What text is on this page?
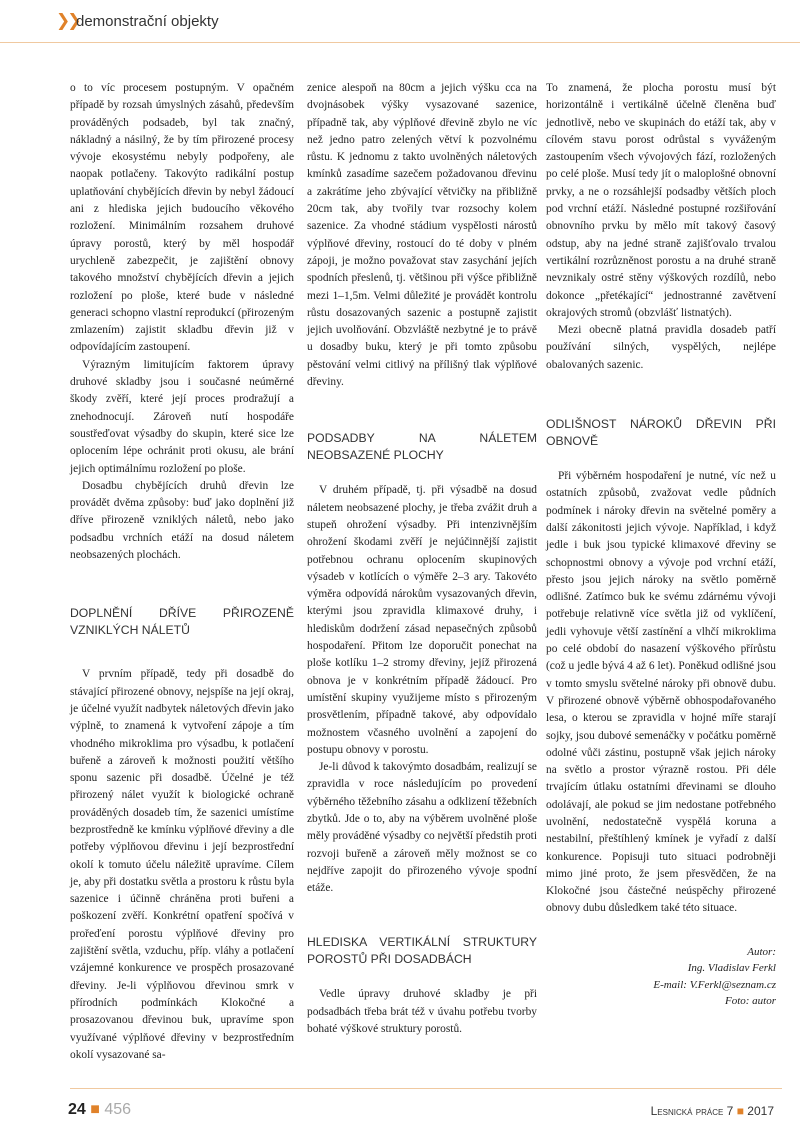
❯❯
demonstrační objekty

o to víc procesem postupným. V opačném případě by rozsah úmyslných zásahů, především prováděných podsadeb, byl tak značný, nákladný a násilný, že by tím přirozené procesy vývoje ekosystému nebyly podpořeny, ale naopak potlačeny. Takovýto radikální postup uplatňování chybějících dřevin by nebyl žádoucí ani z hlediska jejich budoucího věkového rozložení. Minimálním rozsahem druhové úpravy porostů, který by měl hospodář urychleně zabezpečit, je zajištění obnovy takového množství chybějících dřevin a jejich rozložení po ploše, které bude v následné generaci schopno vlastní reprodukcí (přirozeným zmlazením) zajistit skladbu dřevin již v odpovídajícím zastoupení.

Výrazným limitujícím faktorem úpravy druhové skladby jsou i současné neúměrné škody zvěří, které její proces prodražují a znehodnocují. Zároveň nutí hospodáře soustřeďovat výsadby do skupin, které sice lze oplocením lépe ochránit proti okusu, ale brání jejich optimálnímu rozložení po ploše.

Dosadbu chybějících druhů dřevin lze provádět dvěma způsoby: buď jako doplnění již dříve přirozeně vzniklých náletů, nebo jako podsadbu vrchních etáží na dosud náletem neobsazených plochách.

DOPLNĚNÍ DŘÍVE PŘIROZENĚ VZNIKLÝCH NÁLETŮ

V prvním případě, tedy při dosadbě do stávající přirozené obnovy, nejspíše na její okraj, je účelné využít nadbytek náletových dřevin jako výplně, to znamená k vytvoření zápoje a tím vhodného mikroklima pro výsadbu, k potlačení buřeně a zároveň k možnosti použití většího sponu sazenic při dosadbě. Účelné je též přirozený nálet využít k biologické ochraně prováděných dosadeb tím, že sazenici umístíme bezprostředně ke kmínku výplňové dřeviny a dle potřeby výplňovou dřevinu i její bezprostřední okolí k tomuto účelu náležitě upravíme. Cílem je, aby při dostatku světla a prostoru k růstu byla sazenice i účinně chráněna proti buřeni a poškození zvěří. Konkrétní opatření spočívá v prořeďení porostu výplňové dřeviny pro zajištění světla, vzduchu, příp. vláhy a potlačení vzájemné konkurence ve prospěch prosazované dřeviny. Je-li výplňovou dřevinou smrk v přírodních podmínkách Klokočné a prosazovanou dřevinou buk, upravíme spon využívané výplňové dřeviny v bezprostředním okolí vysazované sa-

zenice alespoň na 80cm a jejich výšku cca na dvojnásobek výšky vysazované sazenice, případně tak, aby výplňové dřevině zbylo ne víc než jedno patro zelených větví k pozvolnému růstu. K jednomu z takto uvolněných náletových kmínků zasadíme sazečem požadovanou dřevinu a zakrátíme jeho zbývající větvičky na přibližně 20cm tak, aby tvořily tvar rozsochy kolem sazenice. Za vhodné stádium vyspělosti nárostů výplňové dřeviny, rostoucí do té doby v plném zápoji, je možno považovat stav zasychání jejích spodních přeslenů, tj. většinou při výšce přibližně mezi 1–1,5m. Velmi důležité je provádět kontrolu růstu dosazovaných sazenic a postupně zajistit jejich uvolňování. Obzvláště nezbytné je to právě u dosadby buku, který je při tomto způsobu pěstování velmi citlivý na přílišný tlak výplňové dřeviny.

PODSADBY NA NÁLETEM NEOBSAZENÉ PLOCHY

V druhém případě, tj. při výsadbě na dosud náletem neobsazené plochy, je třeba zvážit druh a stupeň ohrožení výsadby. Při intenzivnějším ohrožení škodami zvěří je nejúčinnější zajistit potřebnou ochranu oplocením skupinových výsadeb v kotlících o výměře 2–3 ary. Takovéto výměra odpovídá nárokům vysazovaných dřevin, kterými jsou zpravidla klimaxové druhy, i hlediskům dodržení zásad nepasečných způsobů hospodaření. Přitom lze doporučit ponechat na ploše kotlíku 1–2 stromy dřeviny, jejíž přirozená obnova je v konkrétním případě žádoucí. Pro umístění skupiny využijeme místo s přirozeným prosvětlením, případně takové, aby odpovídalo možnostem včasného uvolnění a zapojení do postupu obnovy v porostu.

Je-li důvod k takovýmto dosadbám, realizují se zpravidla v roce následujícím po provedení výběrného těžebního zásahu a odklizení těžebních zbytků. Jde o to, aby na výběrem uvolněné ploše měly prováděné výsadby co největší předstih proti rozvoji buřeně a zároveň měly možnost se co nejdříve zapojit do přirozeného vývoje spodní etáže.

HLEDISKA VERTIKÁLNÍ STRUKTURY POROSTŮ PŘI DOSADBÁCH

Vedle úpravy druhové skladby je při podsadbách třeba brát též v úvahu potřebu tvorby bohaté výškové struktury porostů.

To znamená, že plocha porostu musí být horizontálně i vertikálně účelně členěna buď jednotlivě, nebo ve skupinách do etáží tak, aby v cílovém stavu porost odrůstal s vyváženým zastoupením všech vývojových fází, rozložených po celé ploše. Musí tedy jít o maloplošné obnovní prvky, a ne o rozsáhlejší podsadby větších ploch pod vrchní etáží. Následné postupné rozšiřování obnovního prvku by mělo mít takový časový odstup, aby na jedné straně zajišťovalo trvalou vertikální rozrůzněnost porostu a na druhé straně nevznikaly ostré stěny výškových rozdílů, nebo dokonce „přetékající“ jednostranné zavětvení okrajových stromů (obzvlášť listnatých).

Mezi obecně platná pravidla dosadeb patří používání silných, vyspělých, nejlépe obalovaných sazenic.

ODLIŠNOST NÁROKŮ DŘEVIN PŘI OBNOVĚ

Při výběrném hospodaření je nutné, víc než u ostatních způsobů, zvažovat vedle půdních podmínek i nároky dřevin na světelné poměry a další zákonitosti jejich vývoje. Například, i když jedle i buk jsou typické klimaxové dřeviny se schopnostmi obnovy a vývoje pod vrchní etáží, přesto jsou jejich nároky na světlo poměrně odlišné. Zatímco buk ke svému zdárnému vývoji potřebuje relativně více světla již od vyklíčení, jedli vyhovuje větší zastínění a vlhčí mikroklima po celé období do nasazení výškového přírůstu (což u jedle bývá 4 až 6 let). Poněkud odlišné jsou v tomto smyslu světelné nároky při obnově dubu. V přirozené obnově výběrně obhospodařovaného lesa, o kterou se zpravidla v hojné míře starají sojky, jsou dubové semenáčky v počátku poměrně odolné vůči zástinu, postupně však jejich nároky na světlo a prostor výrazně rostou. Při déle trvajícím útlaku ostatními dřevinami se dlouho odolávají, ale pokud se jim nedostane potřebného uvolnění, nedostatečně vyspělá koruna a nestabilní, přeštíhlený kmínek je vyřadí z další konkurence. Popisuji tuto situaci podrobněji mimo jiné proto, že jsem přesvědčen, že na Klokočné jsou částečné neúspěchy přirozené obnovy dubu důsledkem také této situace.

Autor:
Ing. Vladislav Ferkl
E-mail: V.Ferkl@seznam.cz
Foto: autor
24 ■ 456	Lesnická práce 7 ■ 2017
